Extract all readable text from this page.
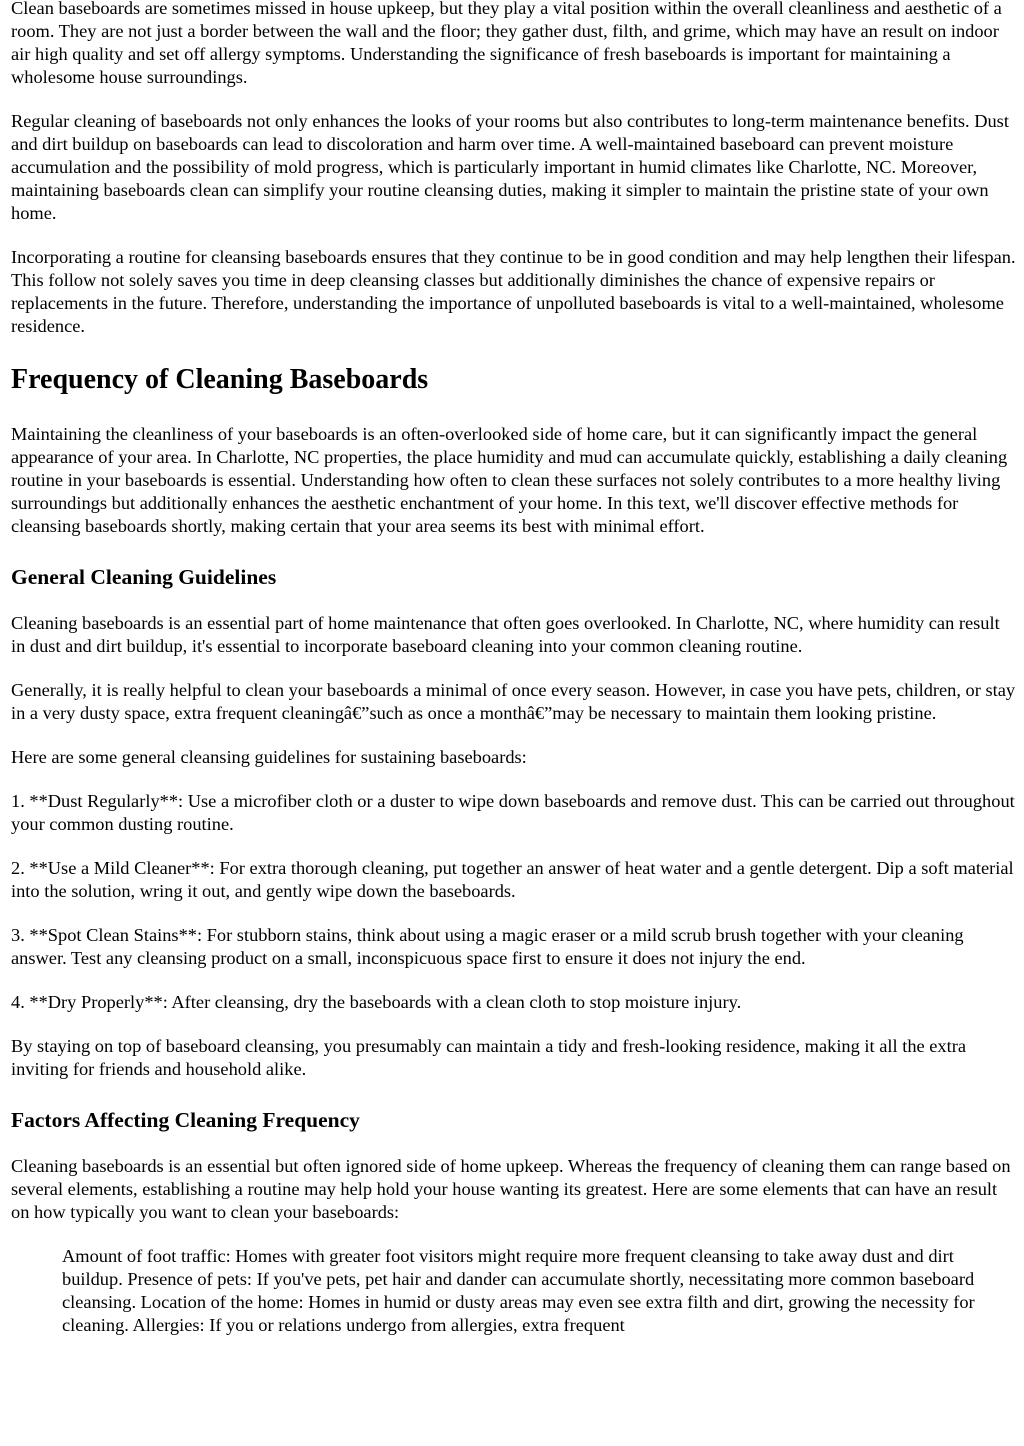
Clean baseboards are sometimes missed in house upkeep, but they play a vital position within the overall cleanliness and aesthetic of a room. They are not just a border between the wall and the floor; they gather dust, filth, and grime, which may have an result on indoor air high quality and set off allergy symptoms. Understanding the significance of fresh baseboards is important for maintaining a wholesome house surroundings.

Regular cleaning of baseboards not only enhances the looks of your rooms but also contributes to long-term maintenance benefits. Dust and dirt buildup on baseboards can lead to discoloration and harm over time. A well-maintained baseboard can prevent moisture accumulation and the possibility of mold progress, which is particularly important in humid climates like Charlotte, NC. Moreover, maintaining baseboards clean can simplify your routine cleansing duties, making it simpler to maintain the pristine state of your own home.

Incorporating a routine for cleansing baseboards ensures that they continue to be in good condition and may help lengthen their lifespan. This follow not solely saves you time in deep cleansing classes but additionally diminishes the chance of expensive repairs or replacements in the future. Therefore, understanding the importance of unpolluted baseboards is vital to a well-maintained, wholesome residence.

Frequency of Cleaning Baseboards

Maintaining the cleanliness of your baseboards is an often-overlooked side of home care, but it can significantly impact the general appearance of your area. In Charlotte, NC properties, the place humidity and mud can accumulate quickly, establishing a daily cleaning routine in your baseboards is essential. Understanding how often to clean these surfaces not solely contributes to a more healthy living surroundings but additionally enhances the aesthetic enchantment of your home. In this text, we'll discover effective methods for cleansing baseboards shortly, making certain that your area seems its best with minimal effort.

General Cleaning Guidelines

Cleaning baseboards is an essential part of home maintenance that often goes overlooked. In Charlotte, NC, where humidity can result in dust and dirt buildup, it's essential to incorporate baseboard cleaning into your common cleaning routine.

Generally, it is really helpful to clean your baseboards a minimal of once every season. However, in case you have pets, children, or stay in a very dusty space, extra frequent cleaningâ€”such as once a monthâ€”may be necessary to maintain them looking pristine.

Here are some general cleansing guidelines for sustaining baseboards:

1. **Dust Regularly**: Use a microfiber cloth or a duster to wipe down baseboards and remove dust. This can be carried out throughout your common dusting routine.

2. **Use a Mild Cleaner**: For extra thorough cleaning, put together an answer of heat water and a gentle detergent. Dip a soft material into the solution, wring it out, and gently wipe down the baseboards.

3. **Spot Clean Stains**: For stubborn stains, think about using a magic eraser or a mild scrub brush together with your cleaning answer. Test any cleansing product on a small, inconspicuous space first to ensure it does not injury the end.

4. **Dry Properly**: After cleansing, dry the baseboards with a clean cloth to stop moisture injury.

By staying on top of baseboard cleansing, you presumably can maintain a tidy and fresh-looking residence, making it all the extra inviting for friends and household alike.

Factors Affecting Cleaning Frequency

Cleaning baseboards is an essential but often ignored side of home upkeep. Whereas the frequency of cleaning them can range based on several elements, establishing a routine may help hold your house wanting its greatest. Here are some elements that can have an result on how typically you want to clean your baseboards:

Amount of foot traffic: Homes with greater foot visitors might require more frequent cleansing to take away dust and dirt buildup. Presence of pets: If you've pets, pet hair and dander can accumulate shortly, necessitating more common baseboard cleansing. Location of the home: Homes in humid or dusty areas may even see extra filth and dirt, growing the necessity for cleaning. Allergies: If you or relations undergo from allergies, extra frequent
